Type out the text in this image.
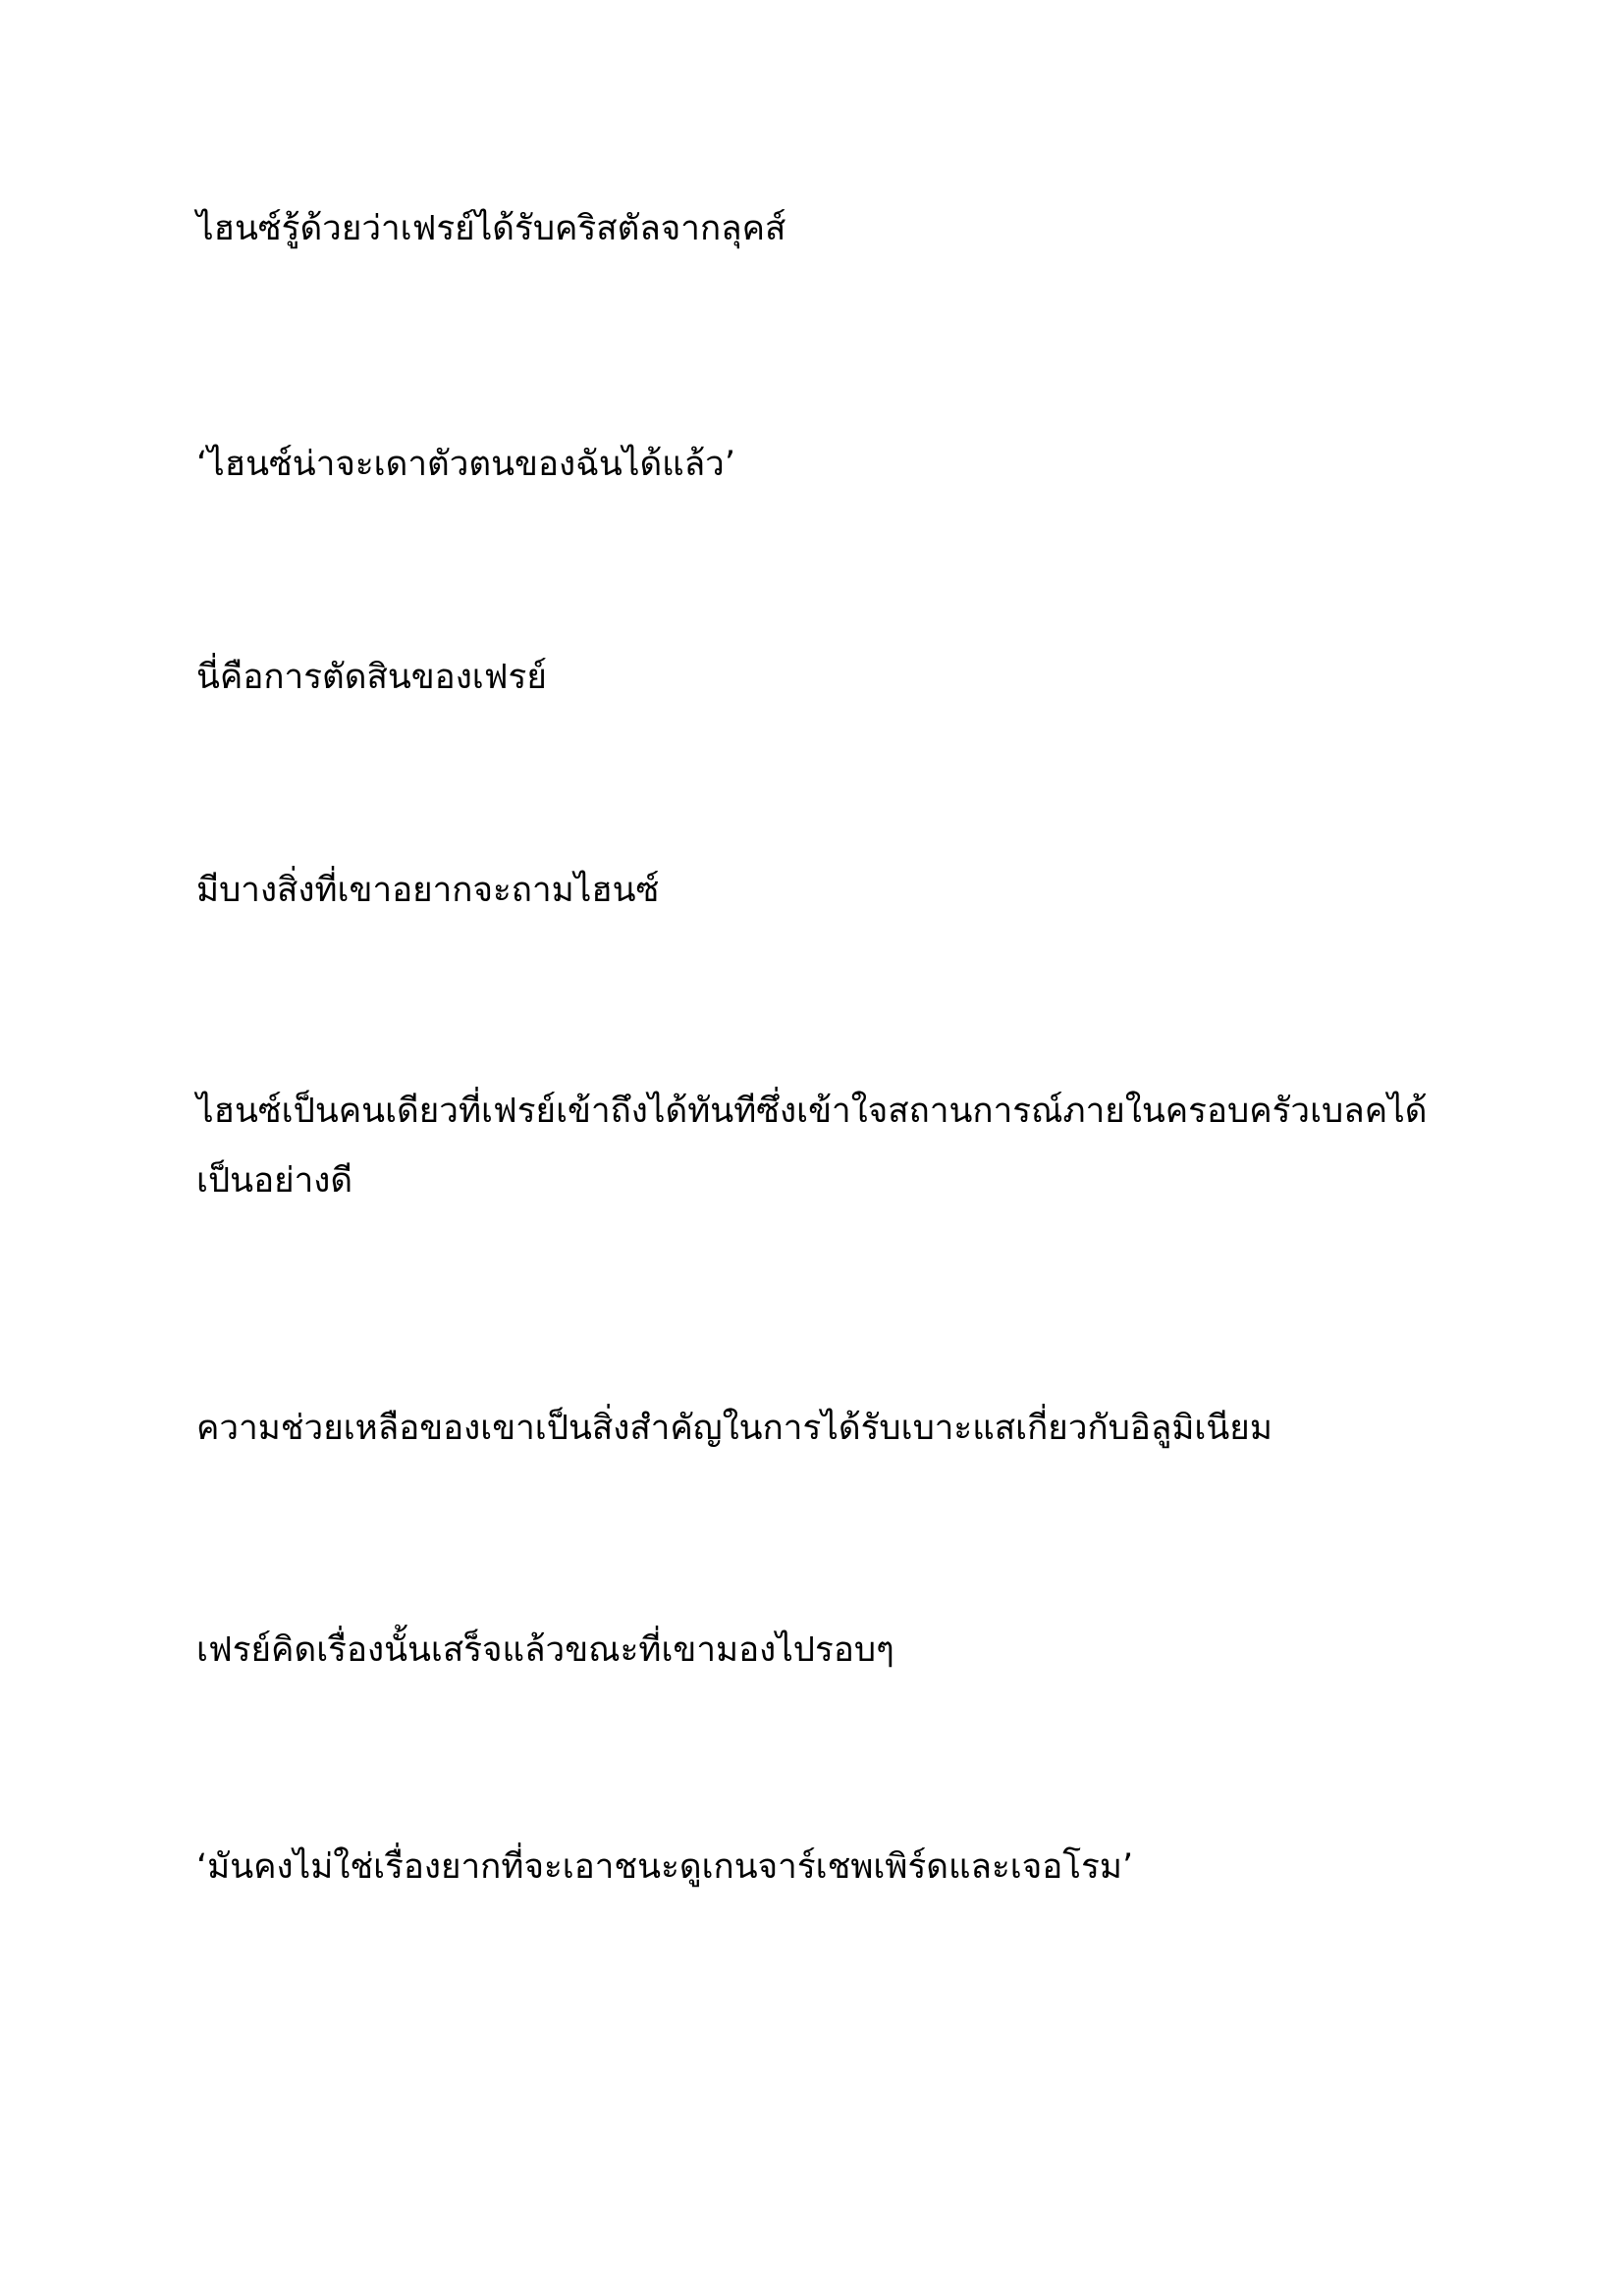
ไฮนซ์รู้ด้วยว่าเฟรย์ได้รับคริสตัลจากลุคส์

‘ไฮนซ์น่าจะเดาตัวตนของฉันได้แล้ว’

นี่คือการตัดสินของเฟรย์

มีบางสิ่งที่เขาอยากจะถามไฮนซ์

ไฮนซ์เป็นคนเดียวที่เฟรย์เข้าถึงได้ทันทีซึ่งเข้าใจสถานการณ์ภายในครอบครัวเบลคได้เป็นอย่างดี

ความช่วยเหลือของเขาเป็นสิ่งสำคัญในการได้รับเบาะแสเกี่ยวกับอิลูมิเนียม

เฟรย์คิดเรื่องนั้นเสร็จแล้วขณะที่เขามองไปรอบๆ

‘มันคงไม่ใช่เรื่องยากที่จะเอาชนะดูเกนจาร์เชพเพิร์ดและเจอโรม’
